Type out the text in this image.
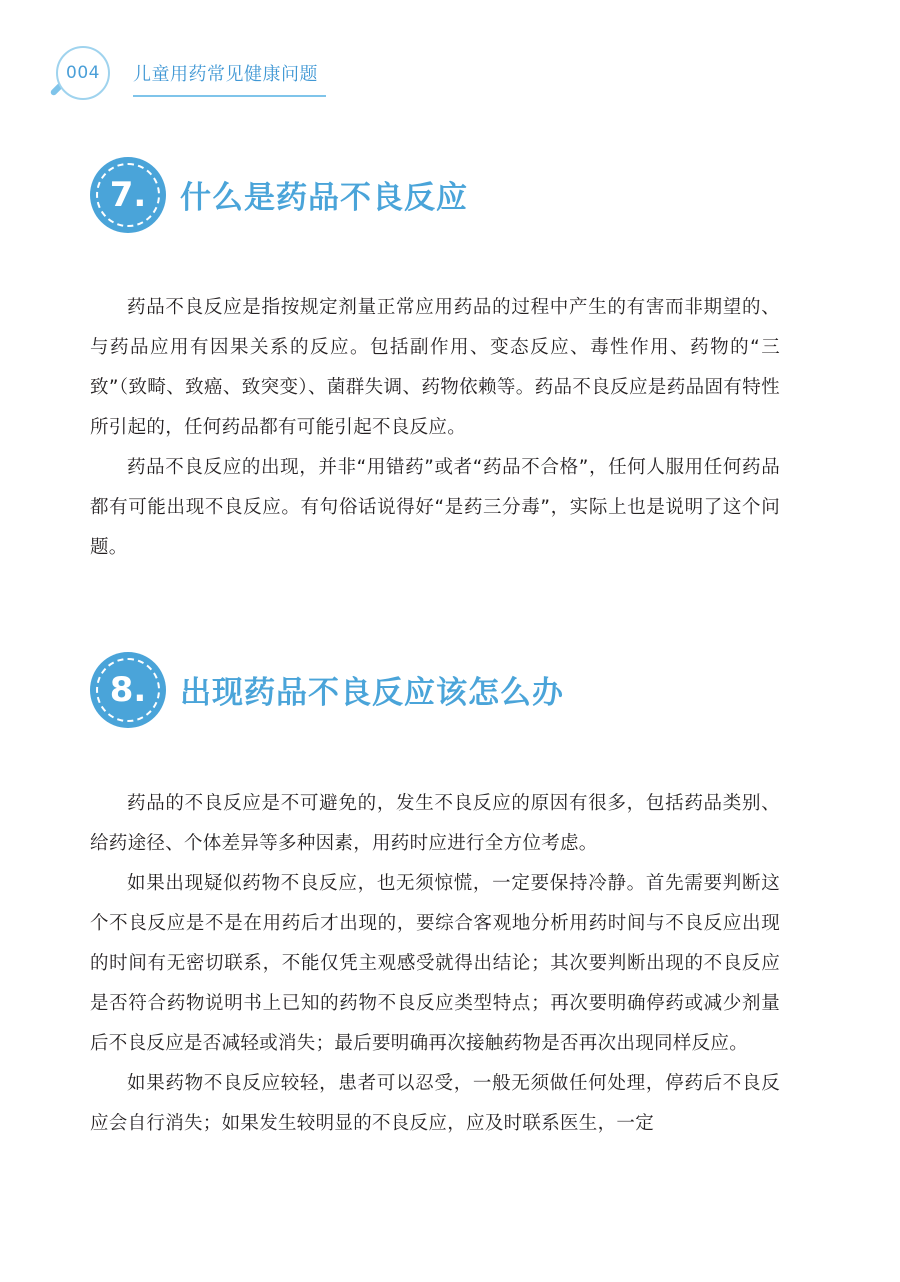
004	儿童用药常见健康问题
7.	什么是药品不良反应

药品不良反应是指按规定剂量正常应用药品的过程中产生的有害而非期望的、与药品应用有因果关系的反应。包括副作用、变态反应、毒性作用、药物的“三致”（致畸、致癌、致突变）、菌群失调、药物依赖等。药品不良反应是药品固有特性所引起的，任何药品都有可能引起不良反应。

药品不良反应的出现，并非“用错药”或者“药品不合格”，任何人服用任何药品都有可能出现不良反应。有句俗话说得好“是药三分毒”，实际上也是说明了这个问题。

8.	出现药品不良反应该怎么办

药品的不良反应是不可避免的，发生不良反应的原因有很多，包括药品类别、给药途径、个体差异等多种因素，用药时应进行全方位考虑。

如果出现疑似药物不良反应，也无须惊慌，一定要保持冷静。首先需要判断这个不良反应是不是在用药后才出现的，要综合客观地分析用药时间与不良反应出现的时间有无密切联系，不能仅凭主观感受就得出结论；其次要判断出现的不良反应是否符合药物说明书上已知的药物不良反应类型特点；再次要明确停药或减少剂量后不良反应是否减轻或消失；最后要明确再次接触药物是否再次出现同样反应。

如果药物不良反应较轻，患者可以忍受，一般无须做任何处理，停药后不良反应会自行消失；如果发生较明显的不良反应，应及时联系医生，一定
